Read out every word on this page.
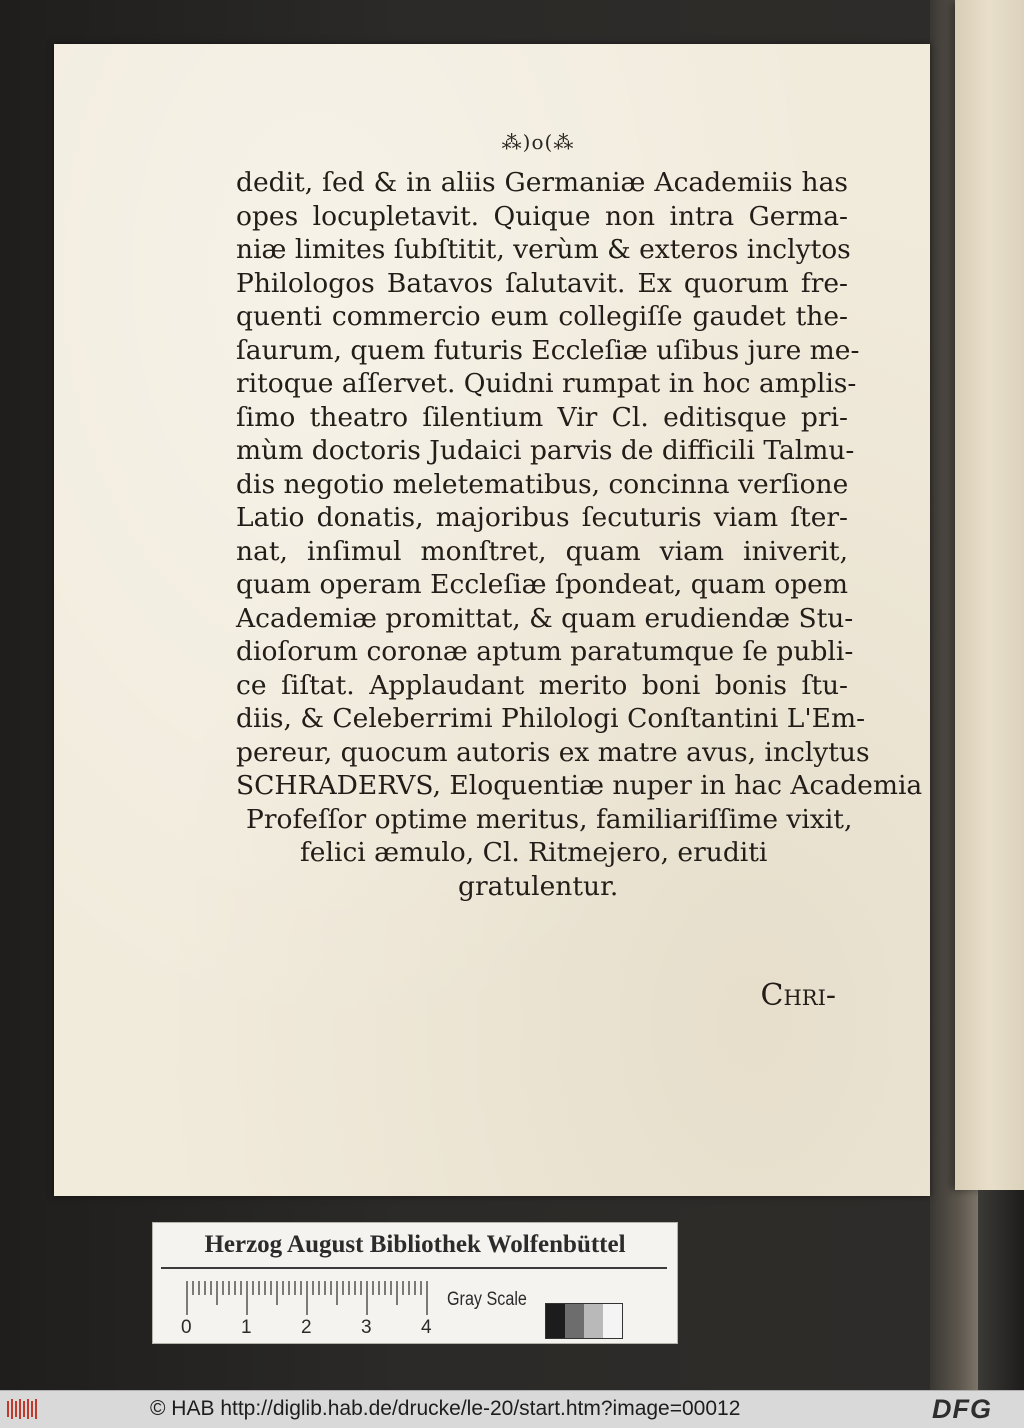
⁂)o(⁂
dedit, ſed & in aliis Germaniæ Academiis has
opes locupletavit. Quique non intra Germa-
niæ limites ſubſtitit, verùm & exteros inclytos
Philologos Batavos ſalutavit. Ex quorum fre-
quenti commercio eum collegiſſe gaudet the-
ſaurum, quem futuris Eccleſiæ uſibus jure me-
ritoque aſſervet. Quidni rumpat in hoc amplis-
ſimo theatro ſilentium Vir Cl. editisque pri-
mùm doctoris Judaici parvis de difficili Talmu-
dis negotio meletematibus, concinna verſione
Latio donatis, majoribus ſecuturis viam ſter-
nat, inſimul monſtret, quam viam iniverit,
quam operam Eccleſiæ ſpondeat, quam opem
Academiæ promittat, & quam erudiendæ Stu-
dioſorum coronæ aptum paratumque ſe publi-
ce ſiſtat. Applaudant merito boni bonis ſtu-
diis, & Celeberrimi Philologi Conſtantini L'Em-
pereur, quocum autoris ex matre avus, inclytus
SCHRADERVS, Eloquentiæ nuper in hac Academia
Profeſſor optime meritus, familiariſſime vixit,
felici æmulo, Cl. Ritmejero, eruditi
gratulentur.
Chri-
Herzog August Bibliothek Wolfenbüttel
0	1	2	3	4
Gray Scale
© HAB http://diglib.hab.de/drucke/le-20/start.htm?image=00012	DFG
